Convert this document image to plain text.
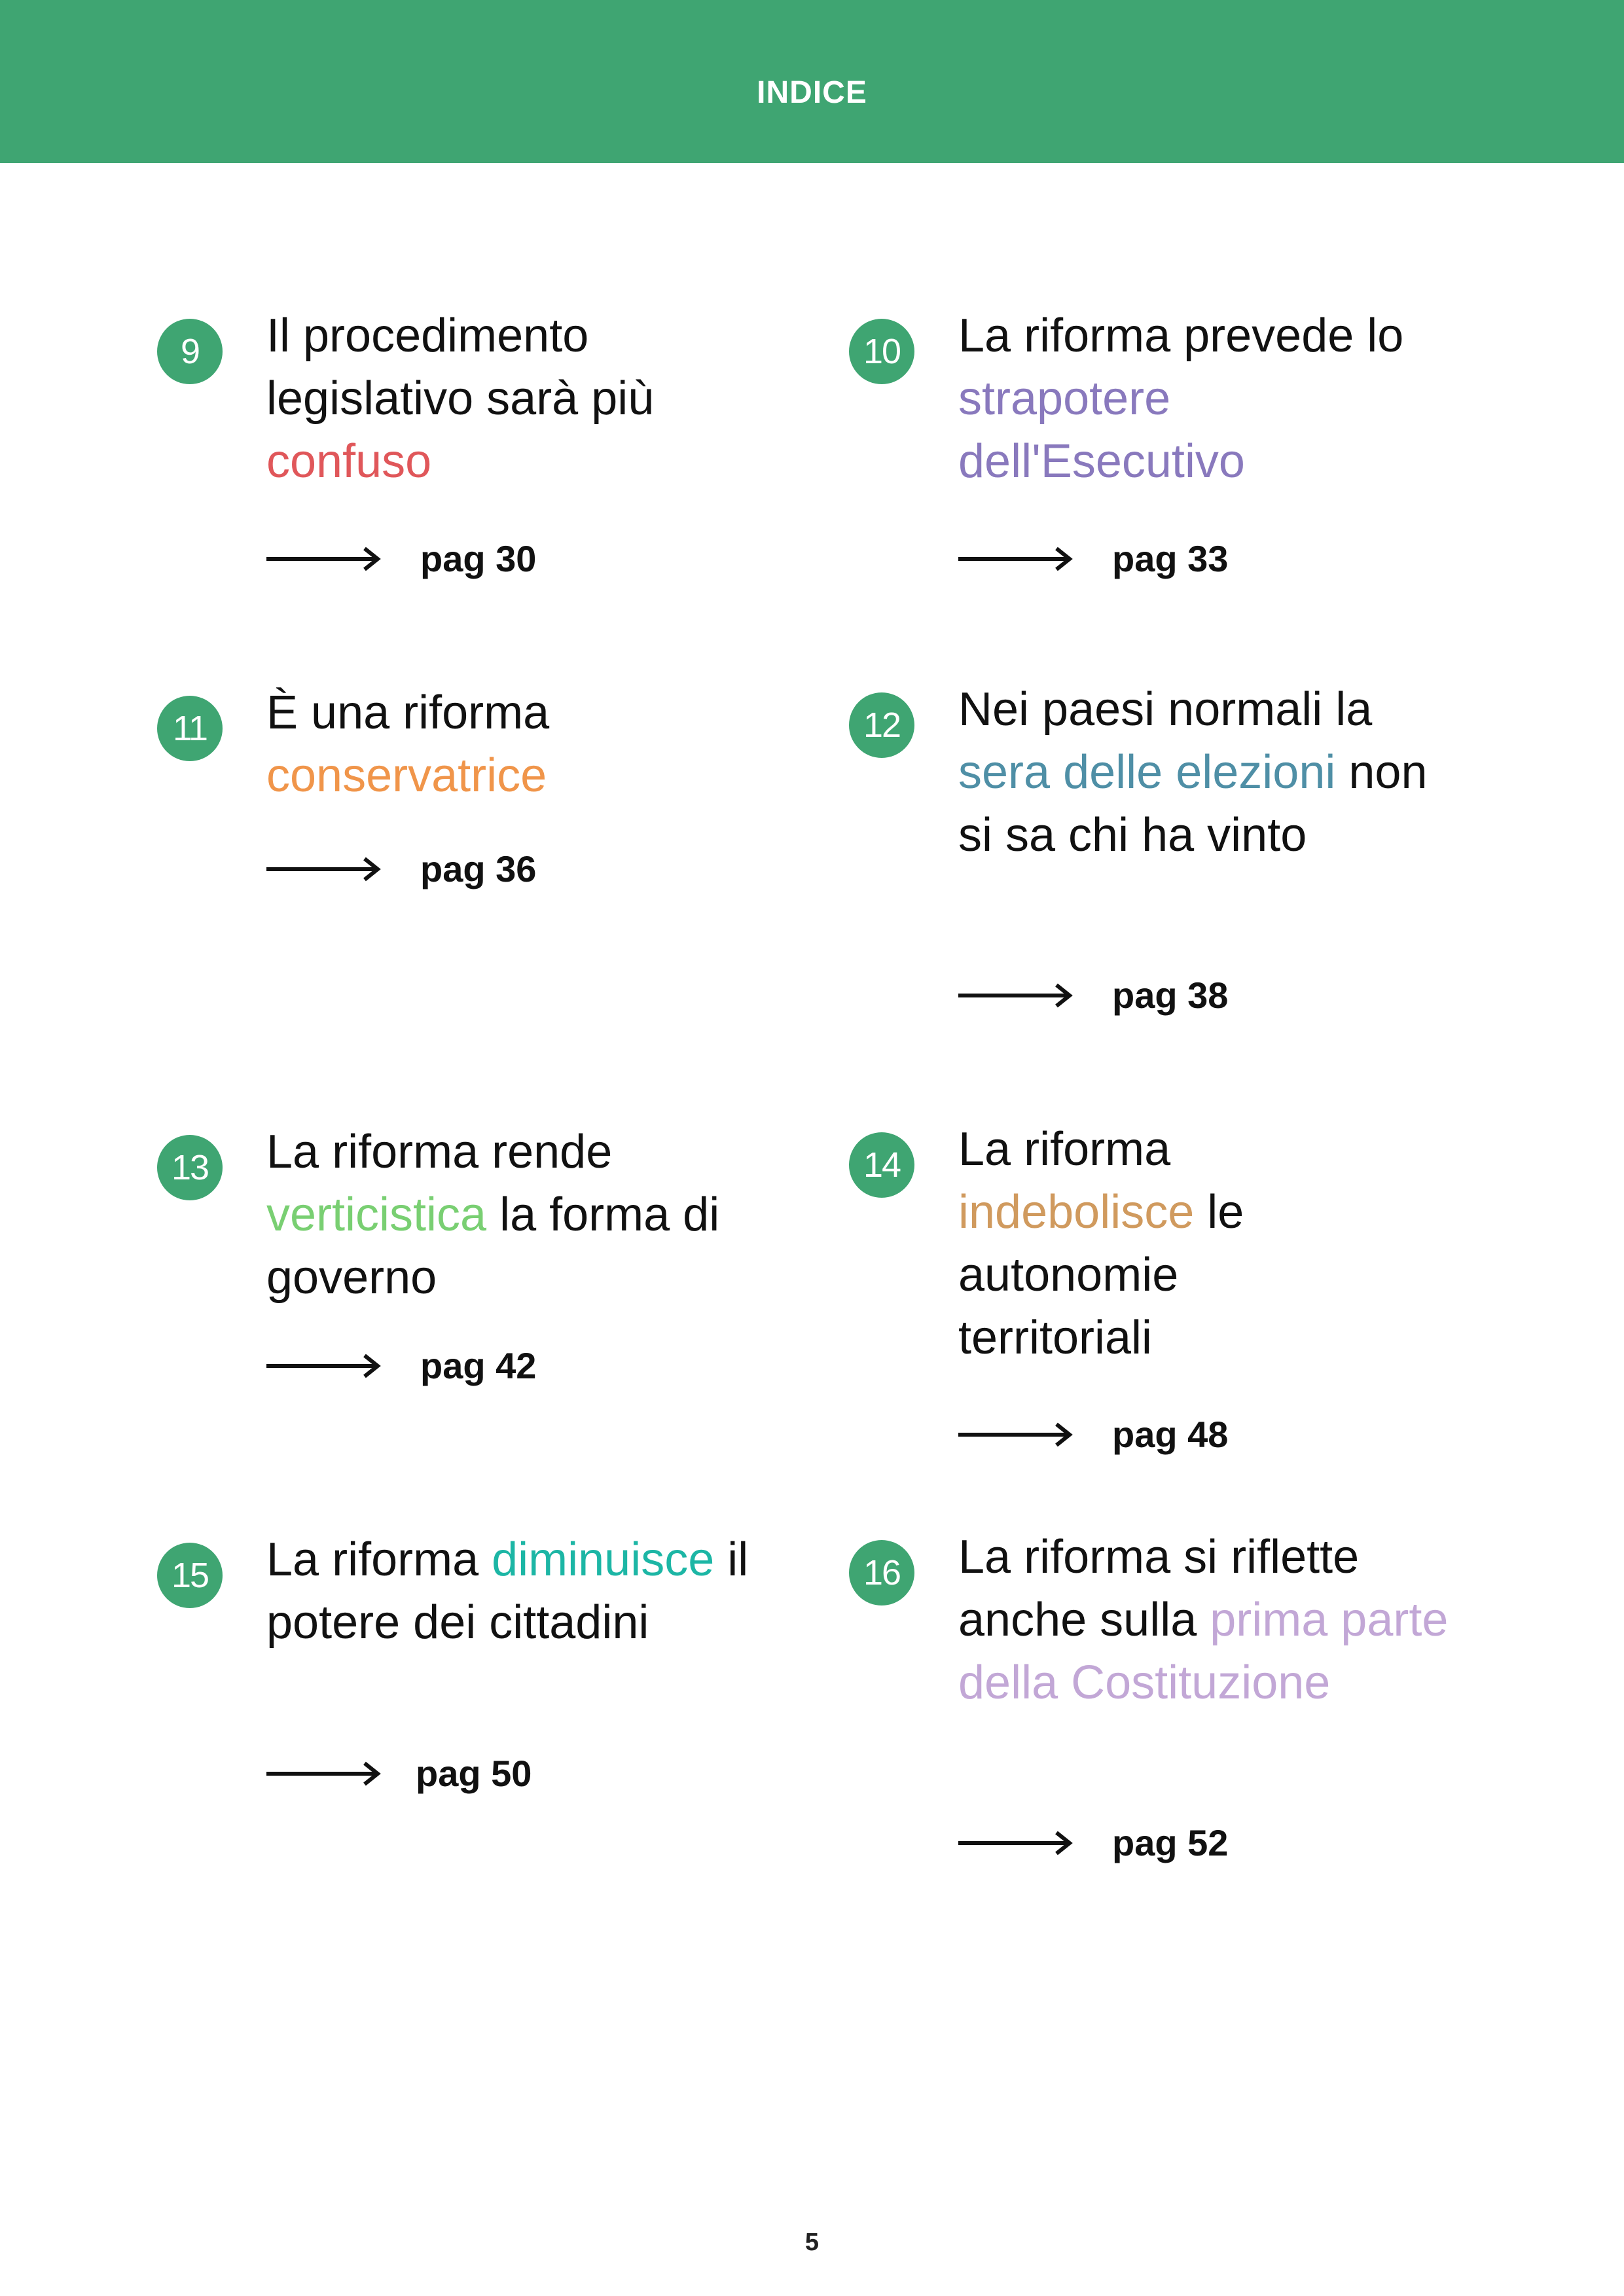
INDICE
9	Il procedimento legislativo sarà più confuso
pag 30
10	La riforma prevede lo strapotere dell'Esecutivo
pag 33
11	È una riforma conservatrice
pag 36
12	Nei paesi normali la sera delle elezioni non si sa chi ha vinto
pag 38
13	La riforma rende verticistica la forma di governo
pag 42
14	La riforma indebolisce le autonomie territoriali
pag 48
15	La riforma diminuisce il potere dei cittadini
pag 50
16	La riforma si riflette anche sulla prima parte della Costituzione
pag 52
5
